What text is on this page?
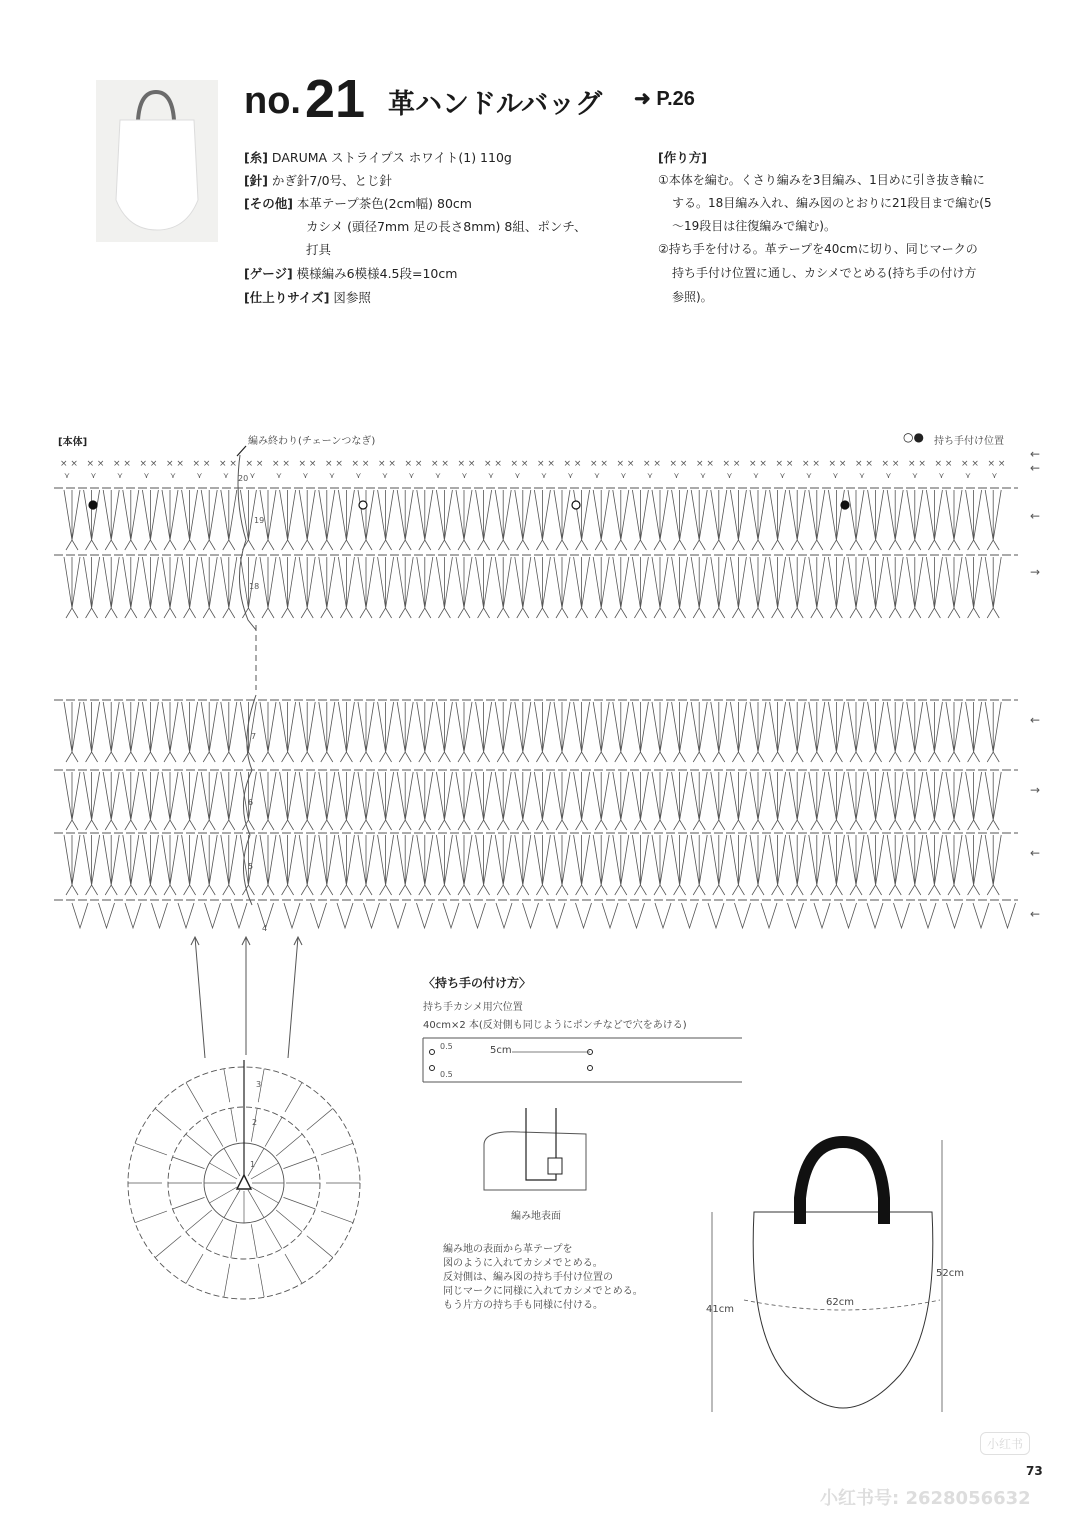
no. 21 革ハンドルバッグ ➜ P.26
[糸] DARUMA ストライプス ホワイト(1) 110g
[針] かぎ針7/0号、とじ針
[その他] 本革テープ茶色(2cm幅) 80cm
カシメ (頭径7mm 足の長さ8mm) 8組、ポンチ、
打具
[ゲージ] 模様編み6模様4.5段=10cm
[仕上りサイズ] 図参照
[作り方]
①本体を編む。くさり編みを3目編み、1目めに引き抜き輪に
する。18目編み入れ、編み図のとおりに21段目まで編む(5
〜19段目は往復編みで編む)。
②持ち手を付ける。革テープを40cmに切り、同じマークの
持ち手付け位置に通し、カシメでとめる(持ち手の付け方
参照)。
× ×
⋎
× ×
⋎
× ×
⋎
× ×
⋎
× ×
⋎
× ×
⋎
× ×
⋎
× ×
⋎
× ×
⋎
× ×
⋎
× ×
⋎
× ×
⋎
× ×
⋎
× ×
⋎
× ×
⋎
× ×
⋎
× ×
⋎
× ×
⋎
× ×
⋎
× ×
⋎
× ×
⋎
× ×
⋎
× ×
⋎
× ×
⋎
× ×
⋎
× ×
⋎
× ×
⋎
× ×
⋎
× ×
⋎
× ×
⋎
× ×
⋎
× ×
⋎
× ×
⋎
× ×
⋎
× ×
⋎
× ×
⋎
←
←
←
→
←
→
←
←
[本体]	編み終わり(チェーンつなぎ)	持ち手付け位置
○●
20
19
18
7
6
5
4
3
2
1
〈持ち手の付け方〉
持ち手カシメ用穴位置
40cm×2 本(反対側も同じようにポンチなどで穴をあける)
0.5
0.5
5cm
編み地表面
編み地の表面から革テープを
図のように入れてカシメでとめる。
反対側は、編み図の持ち手付け位置の
同じマークに同様に入れてカシメでとめる。
もう片方の持ち手も同様に付ける。
52cm
62cm
41cm
73
小红书
小红书号: 2628056632
